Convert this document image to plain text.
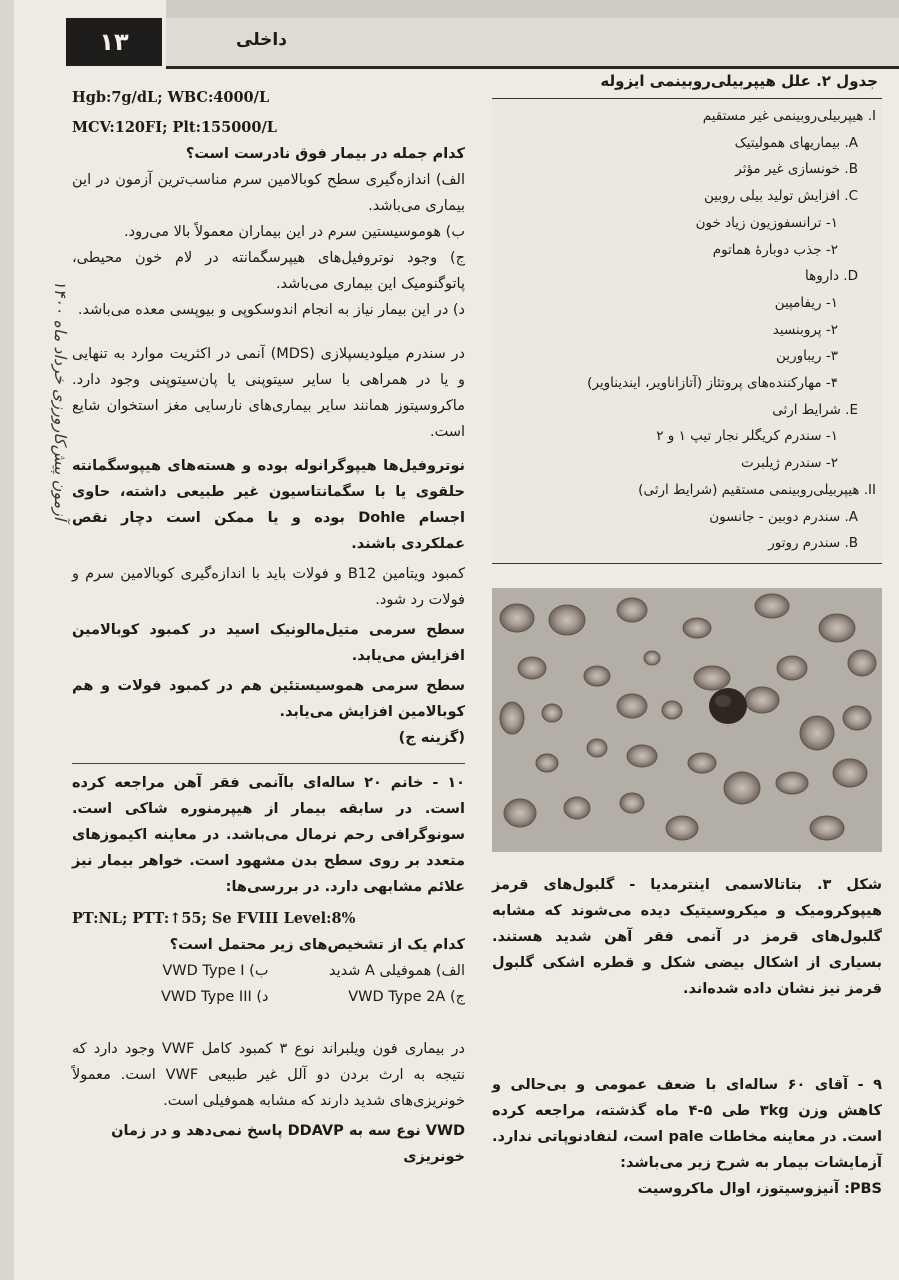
۱۳	داخلی
آزمون پیش‌کارورزی خرداد ماه ۱۴۰۰
Hgb:7g/dL; WBC:4000/L
MCV:120FI; Plt:155000/L
کدام جمله در بیمار فوق نادرست است؟
الف) اندازه‌گیری سطح کوبالامین سرم مناسب‌ترین آزمون در این بیماری می‌باشد.
ب) هوموسیستین سرم در این بیماران معمولاً بالا می‌رود.
ج) وجود نوتروفیل‌های هیپرسگمانته در لام خون محیطی، پاتوگنومیک این بیماری می‌باشد.
د) در این بیمار نیاز به انجام اندوسکوپی و بیوپسی معده می‌باشد.
در سندرم میلودیسپلازی (MDS) آنمی در اکثریت موارد به تنهایی و یا در همراهی با سایر سیتوپنی یا پان‌سیتوپنی وجود دارد. ماکروسیتوز همانند سایر بیماری‌های نارسایی مغز استخوان شایع است.
نوتروفیل‌ها هیپوگرانوله بوده و هسته‌های هیپوسگمانته حلقوی یا با سگمانتاسیون غیر طبیعی داشته، حاوی اجسام Dohle بوده و یا ممکن است دچار نقص عملکردی باشند.
کمبود ویتامین B12 و فولات باید با اندازه‌گیری کوبالامین سرم و فولات رد شود.
سطح سرمی متیل‌مالونیک اسید در کمبود کوبالامین افزایش می‌یابد.
سطح سرمی هموسیستئین هم در کمبود فولات و هم کوبالامین افزایش می‌یابد.
(گزینه ج)
۱۰ - خانم ۲۰ ساله‌ای باآنمی فقر آهن مراجعه کرده است. در سابقه بیمار از هیپرمنوره شاکی است. سونوگرافی رحم نرمال می‌باشد. در معاینه اکیموزهای متعدد بر روی سطح بدن مشهود است. خواهر بیمار نیز علائم مشابهی دارد. در بررسی‌ها:
PT:NL; PTT:↑55; Se FVIII Level:8%
کدام یک از تشخیص‌های زیر محتمل است؟
الف) هموفیلی A شدید
ب) VWD Type I
ج) VWD Type 2A
د) VWD Type III
در بیماری فون ویلبراند نوع ۳ کمبود کامل VWF وجود دارد که نتیجه به ارث بردن دو آلل غیر طبیعی VWF است. معمولاً خونریزی‌های شدید دارند که مشابه هموفیلی است.
VWD نوع سه به DDAVP پاسخ نمی‌دهد و در زمان خونریزی
جدول ۲. علل هیپربیلی‌روبینمی ایزوله
I. هیپربیلی‌روبینمی غیر مستقیم
A. بیماریهای همولیتیک
B. خونسازی غیر مؤثر
C. افزایش تولید بیلی روبین
۱- ترانسفوزیون زیاد خون
۲- جذب دوبارهٔ هماتوم
D. داروها
۱- ریفامپین
۲- پروبنسید
۳- ریباورین
۴- مهارکننده‌های پروتئاز (آتازاناویر، ایندیناویر)
E. شرایط ارثی
۱- سندرم کریگلر نجار تیپ ۱ و ۲
۲- سندرم ژیلبرت
II. هیپربیلی‌روبینمی مستقیم (شرایط ارثی)
A. سندرم دوبین - جانسون
B. سندرم روتور
شکل ۳. بتاتالاسمی اینترمدیا - گلبول‌های قرمز هیپوکرومیک و میکروسیتیک دیده می‌شوند که مشابه گلبول‌های قرمز در آنمی فقر آهن شدید هستند. بسیاری از اشکال بیضی شکل و قطره اشکی گلبول قرمز نیز نشان داده شده‌اند.
۹ - آقای ۶۰ ساله‌ای با ضعف عمومی و بی‌حالی و کاهش وزن ۳kg طی ۵-۴ ماه گذشته، مراجعه کرده است. در معاینه مخاطات pale است، لنفادنوپاتی ندارد. آزمایشات بیمار به شرح زیر می‌باشد:
PBS: آنیزوسیتوز، اوال ماکروسیت
